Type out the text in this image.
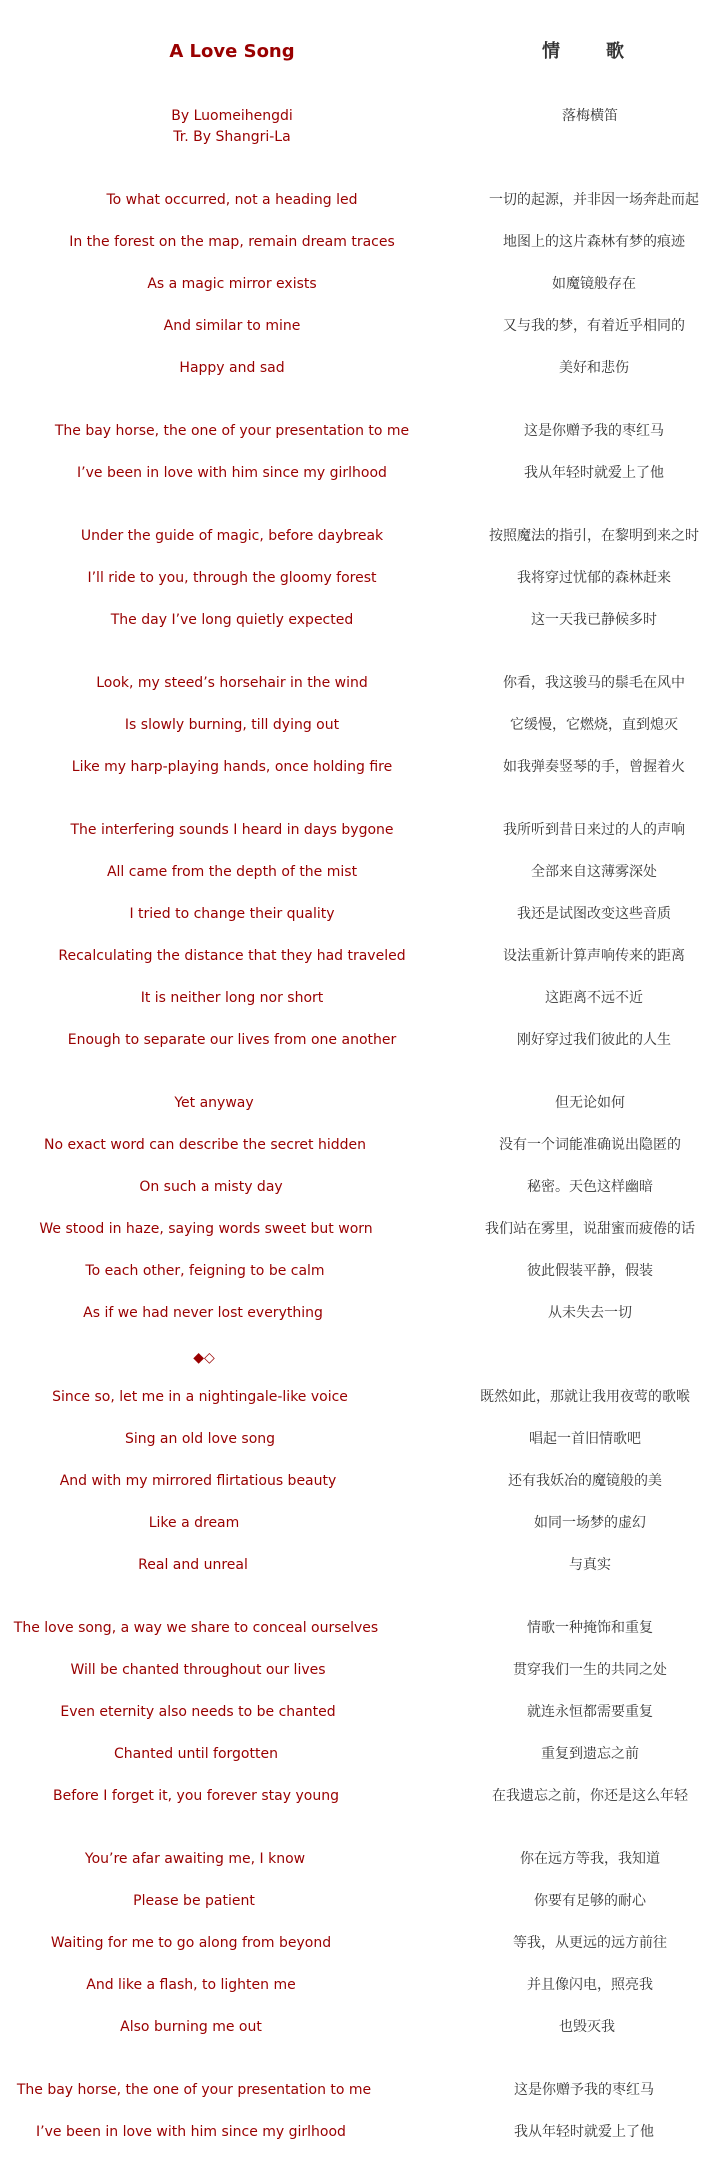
A Love Song	情　歌
By Luomeihengdi
Tr. By Shangri-La
落梅横笛
◆◇
To what occurred, not a heading led	一切的起源，并非因一场奔赴而起
In the forest on the map, remain dream traces	地图上的这片森林有梦的痕迹
As a magic mirror exists	如魔镜般存在
And similar to mine	又与我的梦，有着近乎相同的
Happy and sad	美好和悲伤
The bay horse, the one of your presentation to me	这是你赠予我的枣红马
I’ve been in love with him since my girlhood	我从年轻时就爱上了他
Under the guide of magic, before daybreak	按照魔法的指引，在黎明到来之时
I’ll ride to you, through the gloomy forest	我将穿过忧郁的森林赶来
The day I’ve long quietly expected	这一天我已静候多时
Look, my steed’s horsehair in the wind	你看，我这骏马的鬃毛在风中
Is slowly burning, till dying out	它缓慢，它燃烧，直到熄灭
Like my harp-playing hands, once holding fire	如我弹奏竖琴的手，曾握着火
The interfering sounds I heard in days bygone	我所听到昔日来过的人的声响
All came from the depth of the mist	全部来自这薄雾深处
I tried to change their quality	我还是试图改变这些音质
Recalculating the distance that they had traveled	设法重新计算声响传来的距离
It is neither long nor short	这距离不远不近
Enough to separate our lives from one another	刚好穿过我们彼此的人生
Yet anyway	但无论如何
No exact word can describe the secret hidden	没有一个词能准确说出隐匿的
On such a misty day	秘密。天色这样幽暗
We stood in haze, saying words sweet but worn	我们站在雾里，说甜蜜而疲倦的话
To each other, feigning to be calm	彼此假装平静，假装
As if we had never lost everything	从未失去一切
Since so, let me in a nightingale-like voice	既然如此，那就让我用夜莺的歌喉
Sing an old love song	唱起一首旧情歌吧
And with my mirrored flirtatious beauty	还有我妖冶的魔镜般的美
Like a dream	如同一场梦的虚幻
Real and unreal	与真实
The love song, a way we share to conceal ourselves	情歌一种掩饰和重复
Will be chanted throughout our lives	贯穿我们一生的共同之处
Even eternity also needs to be chanted	就连永恒都需要重复
Chanted until forgotten	重复到遗忘之前
Before I forget it, you forever stay young	在我遗忘之前，你还是这么年轻
You’re afar awaiting me, I know	你在远方等我，我知道
Please be patient	你要有足够的耐心
Waiting for me to go along from beyond	等我，从更远的远方前往
And like a flash, to lighten me	并且像闪电，照亮我
Also burning me out	也毁灭我
The bay horse, the one of your presentation to me	这是你赠予我的枣红马
I’ve been in love with him since my girlhood	我从年轻时就爱上了他
